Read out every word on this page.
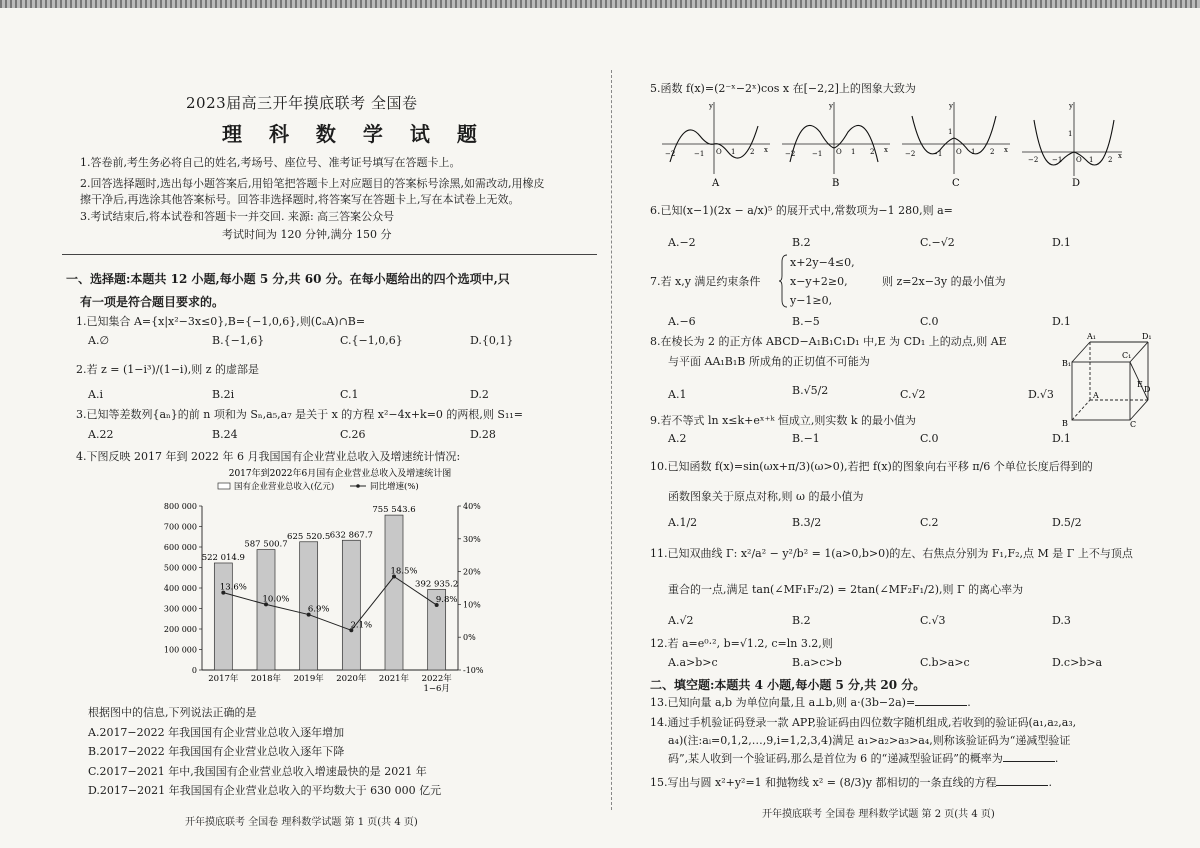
2023届高三开年摸底联考 全国卷
理 科 数 学 试 题
1.答卷前,考生务必将自己的姓名,考场号、座位号、准考证号填写在答题卡上。
2.回答选择题时,选出每小题答案后,用铅笔把答题卡上对应题目的答案标号涂黑,如需改动,用橡皮
擦干净后,再选涂其他答案标号。回答非选择题时,将答案写在答题卡上,写在本试卷上无效。
3.考试结束后,将本试卷和答题卡一并交回. 来源: 高三答案公众号
考试时间为 120 分钟,满分 150 分
一、选择题:本题共 12 小题,每小题 5 分,共 60 分。在每小题给出的四个选项中,只
有一项是符合题目要求的。
1.已知集合 A={x|x²−3x≤0},B={−1,0,6},则(∁ₐA)∩B=
A.∅	B.{−1,6}	C.{−1,0,6}	D.{0,1}
2.若 z = (1−i³)/(1−i),则 z 的虚部是
A.i	B.2i	C.1	D.2
3.已知等差数列{aₙ}的前 n 项和为 Sₙ,a₅,a₇ 是关于 x 的方程 x²−4x+k=0 的两根,则 S₁₁=
A.22	B.24	C.26	D.28
4.下图反映 2017 年到 2022 年 6 月我国国有企业营业总收入及增速统计情况:
2017年到2022年6月国有企业营业总收入及增速统计图
国有企业营业总收入(亿元)	同比增速(%)
0
100 000
200 000
300 000
400 000
500 000
600 000
700 000
800 000
-10%
0%
10%
20%
30%
40%
522 014.9
2017年
587 500.7
2018年
625 520.5
2019年
632 867.7
2020年
755 543.6
2021年
392 935.2
2022年
1−6月
13.6%
10.0%
6.9%
2.1%
18.5%
9.8%
根据图中的信息,下列说法正确的是
A.2017−2022 年我国国有企业营业总收入逐年增加
B.2017−2022 年我国国有企业营业总收入逐年下降
C.2017−2021 年中,我国国有企业营业总收入增速最快的是 2021 年
D.2017−2021 年我国国有企业营业总收入的平均数大于 630 000 亿元
开年摸底联考 全国卷 理科数学试题 第 1 页(共 4 页)
5.函数 f(x)=(2⁻ˣ−2ˣ)cos x 在[−2,2]上的图象大致为
−2	−1 O 1 2 x
y
A
−2 −1 O 1 2 x
y
B
−2 −1 O 1 2 x
y
1
C
−2 −1 O 1 2 x
y
1
D
6.已知(x−1)(2x − a/x)⁵ 的展开式中,常数项为−1 280,则 a=
A.−2	B.2	C.−√2	D.1
7.若 x,y 满足约束条件
x+2y−4≤0,
x−y+2≥0,
y−1≥0,
则 z=2x−3y 的最小值为
A.−6	B.−5	C.0	D.1
8.在棱长为 2 的正方体 ABCD−A₁B₁C₁D₁ 中,E 为 CD₁ 上的动点,则 AE
与平面 AA₁B₁B 所成角的正切值不可能为
A.1	B.√5/2	C.√2	D.√3
A₁
B₁
C₁
D₁
A
B	C
D
E
9.若不等式 ln x≤k+eˣ⁺ᵏ 恒成立,则实数 k 的最小值为
A.2	B.−1	C.0	D.1
10.已知函数 f(x)=sin(ωx+π/3)(ω>0),若把 f(x)的图象向右平移 π/6 个单位长度后得到的
函数图象关于原点对称,则 ω 的最小值为
A.1/2	B.3/2	C.2	D.5/2
11.已知双曲线 Γ: x²/a² − y²/b² = 1(a>0,b>0)的左、右焦点分别为 F₁,F₂,点 M 是 Γ 上不与顶点
重合的一点,满足 tan(∠MF₁F₂/2) = 2tan(∠MF₂F₁/2),则 Γ 的离心率为
A.√2	B.2	C.√3	D.3
12.若 a=e⁰·², b=√1.2, c=ln 3.2,则
A.a>b>c	B.a>c>b	C.b>a>c	D.c>b>a
二、填空题:本题共 4 小题,每小题 5 分,共 20 分。
13.已知向量 a,b 为单位向量,且 a⊥b,则 a·(3b−2a)=	.
14.通过手机验证码登录一款 APP,验证码由四位数字随机组成,若收到的验证码(a₁,a₂,a₃,
a₄)(注:aᵢ=0,1,2,…,9,i=1,2,3,4)满足 a₁>a₂>a₃>a₄,则称该验证码为“递减型验证
码”,某人收到一个验证码,那么是首位为 6 的“递减型验证码”的概率为	.
15.写出与圆 x²+y²=1 和抛物线 x² = (8/3)y 都相切的一条直线的方程	.
开年摸底联考 全国卷 理科数学试题 第 2 页(共 4 页)
